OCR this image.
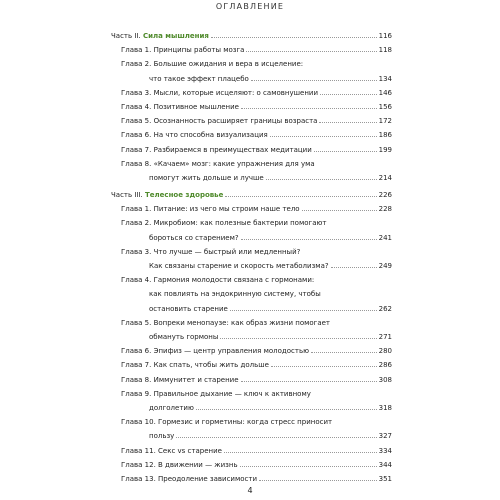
ОГЛАВЛЕНИЕ
Часть II. Сила мышления	116
Глава 1. Принципы работы мозга	118
Глава 2. Большие ожидания и вера в исцеление:
что такое эффект плацебо	134
Глава 3. Мысли, которые исцеляют: о самовнушении	146
Глава 4. Позитивное мышление	156
Глава 5. Осознанность расширяет границы возраста	172
Глава 6. На что способна визуализация	186
Глава 7. Разбираемся в преимуществах медитации	199
Глава 8. «Качаем» мозг: какие упражнения для ума
помогут жить дольше и лучше	214
Часть III. Телесное здоровье	226
Глава 1. Питание: из чего мы строим наше тело	228
Глава 2. Микробиом: как полезные бактерии помогают
бороться со старением?	241
Глава 3. Что лучше — быстрый или медленный?
Как связаны старение и скорость метаболизма?	249
Глава 4. Гармония молодости связана с гормонами:
как повлиять на эндокринную систему, чтобы
остановить старение	262
Глава 5. Вопреки менопаузе: как образ жизни помогает
обмануть гормоны	271
Глава 6. Эпифиз — центр управления молодостью	280
Глава 7. Как спать, чтобы жить дольше	286
Глава 8. Иммунитет и старение	308
Глава 9. Правильное дыхание — ключ к активному
долголетию	318
Глава 10. Гормезис и горметины: когда стресс приносит
пользу	327
Глава 11. Секс vs старение	334
Глава 12. В движении — жизнь	344
Глава 13. Преодоление зависимости	351
4
